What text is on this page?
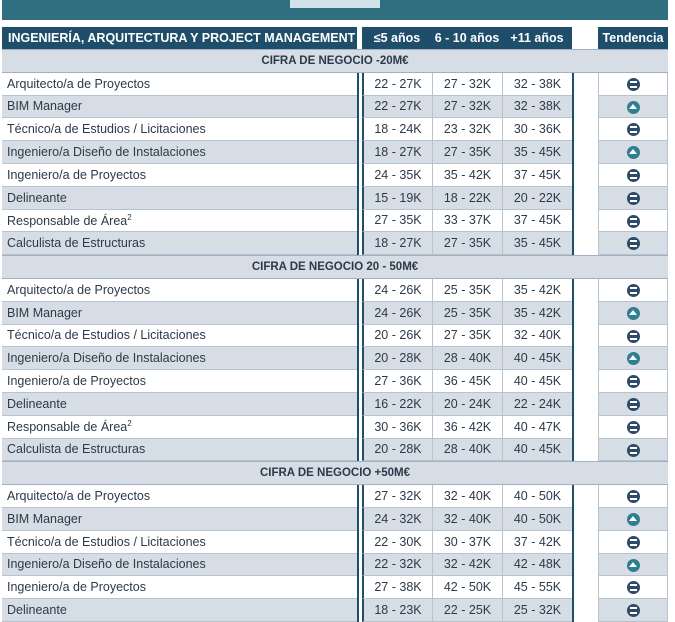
INGENIERÍA, ARQUITECTURA Y PROJECT MANAGEMENT		≤5 años	6 - 10 años	+11 años		Tendencia
CIFRA DE NEGOCIO -20M€						
Arquitecto/a de Proyectos		22 - 27K	27 - 32K	32 - 38K		
BIM Manager		22 - 27K	27 - 32K	32 - 38K		
Técnico/a de Estudios / Licitaciones		18 - 24K	23 - 32K	30 - 36K		
Ingeniero/a Diseño de Instalaciones		18 - 27K	27 - 35K	35 - 45K		
Ingeniero/a de Proyectos		24 - 35K	35 - 42K	37 - 45K		
Delineante		15 - 19K	18 - 22K	20 - 22K		
Responsable de Área$^2$		27 - 35K	33 - 37K	37 - 45K		
Calculista de Estructuras		18 - 27K	27 - 35K	35 - 45K		
CIFRA DE NEGOCIO 20 - 50M€						
Arquitecto/a de Proyectos		24 - 26K	25 - 35K	35 - 42K		
BIM Manager		24 - 26K	25 - 35K	35 - 42K		
Técnico/a de Estudios / Licitaciones		20 - 26K	27 - 35K	32 - 40K		
Ingeniero/a Diseño de Instalaciones		20 - 28K	28 - 40K	40 - 45K		
Ingeniero/a de Proyectos		27 - 36K	36 - 45K	40 - 45K		
Delineante		16 - 22K	20 - 24K	22 - 24K		
Responsable de Área$^2$		30 - 36K	36 - 42K	40 - 47K		
Calculista de Estructuras		20 - 28K	28 - 40K	40 - 45K		
CIFRA DE NEGOCIO +50M€						
Arquitecto/a de Proyectos		27 - 32K	32 - 40K	40 - 50K		
BIM Manager		24 - 32K	32 - 40K	40 - 50K		
Técnico/a de Estudios / Licitaciones		22 - 30K	30 - 37K	37 - 42K		
Ingeniero/a Diseño de Instalaciones		22 - 32K	32 - 42K	42 - 48K		
Ingeniero/a de Proyectos		27 - 38K	42 - 50K	45 - 55K		
Delineante		18 - 23K	22 - 25K	25 - 32K		
